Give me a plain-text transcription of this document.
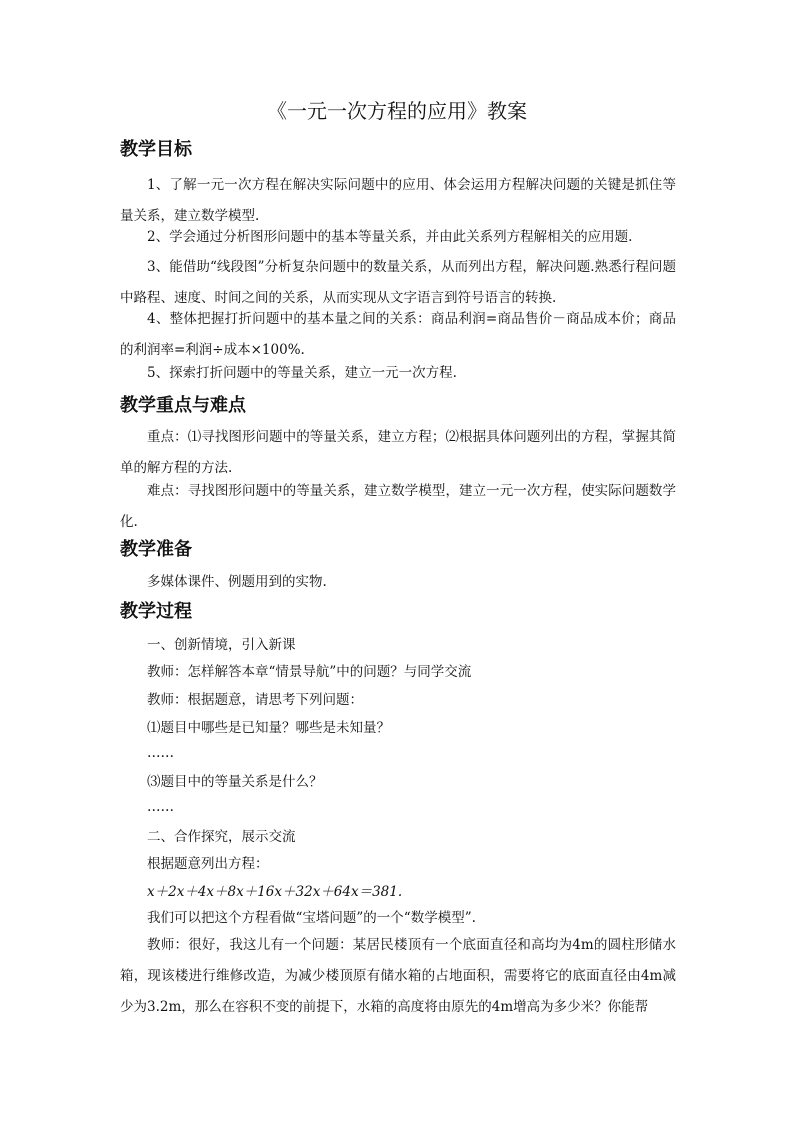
《一元一次方程的应用》教案
教学目标
1、了解一元一次方程在解决实际问题中的应用、体会运用方程解决问题的关键是抓住等量关系，建立数学模型.
2、学会通过分析图形问题中的基本等量关系，并由此关系列方程解相关的应用题.
3、能借助“线段图”分析复杂问题中的数量关系，从而列出方程，解决问题.熟悉行程问题中路程、速度、时间之间的关系，从而实现从文字语言到符号语言的转换.
4、整体把握打折问题中的基本量之间的关系：商品利润=商品售价－商品成本价；商品的利润率=利润÷成本×100%.
5、探索打折问题中的等量关系，建立一元一次方程.
教学重点与难点
重点：⑴寻找图形问题中的等量关系，建立方程；⑵根据具体问题列出的方程，掌握其简单的解方程的方法.
难点：寻找图形问题中的等量关系，建立数学模型，建立一元一次方程，使实际问题数学化.
教学准备
多媒体课件、例题用到的实物.
教学过程
一、创新情境，引入新课
教师：怎样解答本章“情景导航”中的问题？与同学交流
教师：根据题意，请思考下列问题：
⑴题目中哪些是已知量？哪些是未知量？
……
⑶题目中的等量关系是什么？
……
二、合作探究，展示交流
根据题意列出方程：
x＋2x＋4x＋8x＋16x＋32x＋64x＝381.
我们可以把这个方程看做“宝塔问题”的一个“数学模型”.
教师：很好，我这儿有一个问题：某居民楼顶有一个底面直径和高均为4m的圆柱形储水箱，现该楼进行维修改造，为减少楼顶原有储水箱的占地面积，需要将它的底面直径由4m减少为3.2m，那么在容积不变的前提下，水箱的高度将由原先的4m增高为多少米？你能帮
